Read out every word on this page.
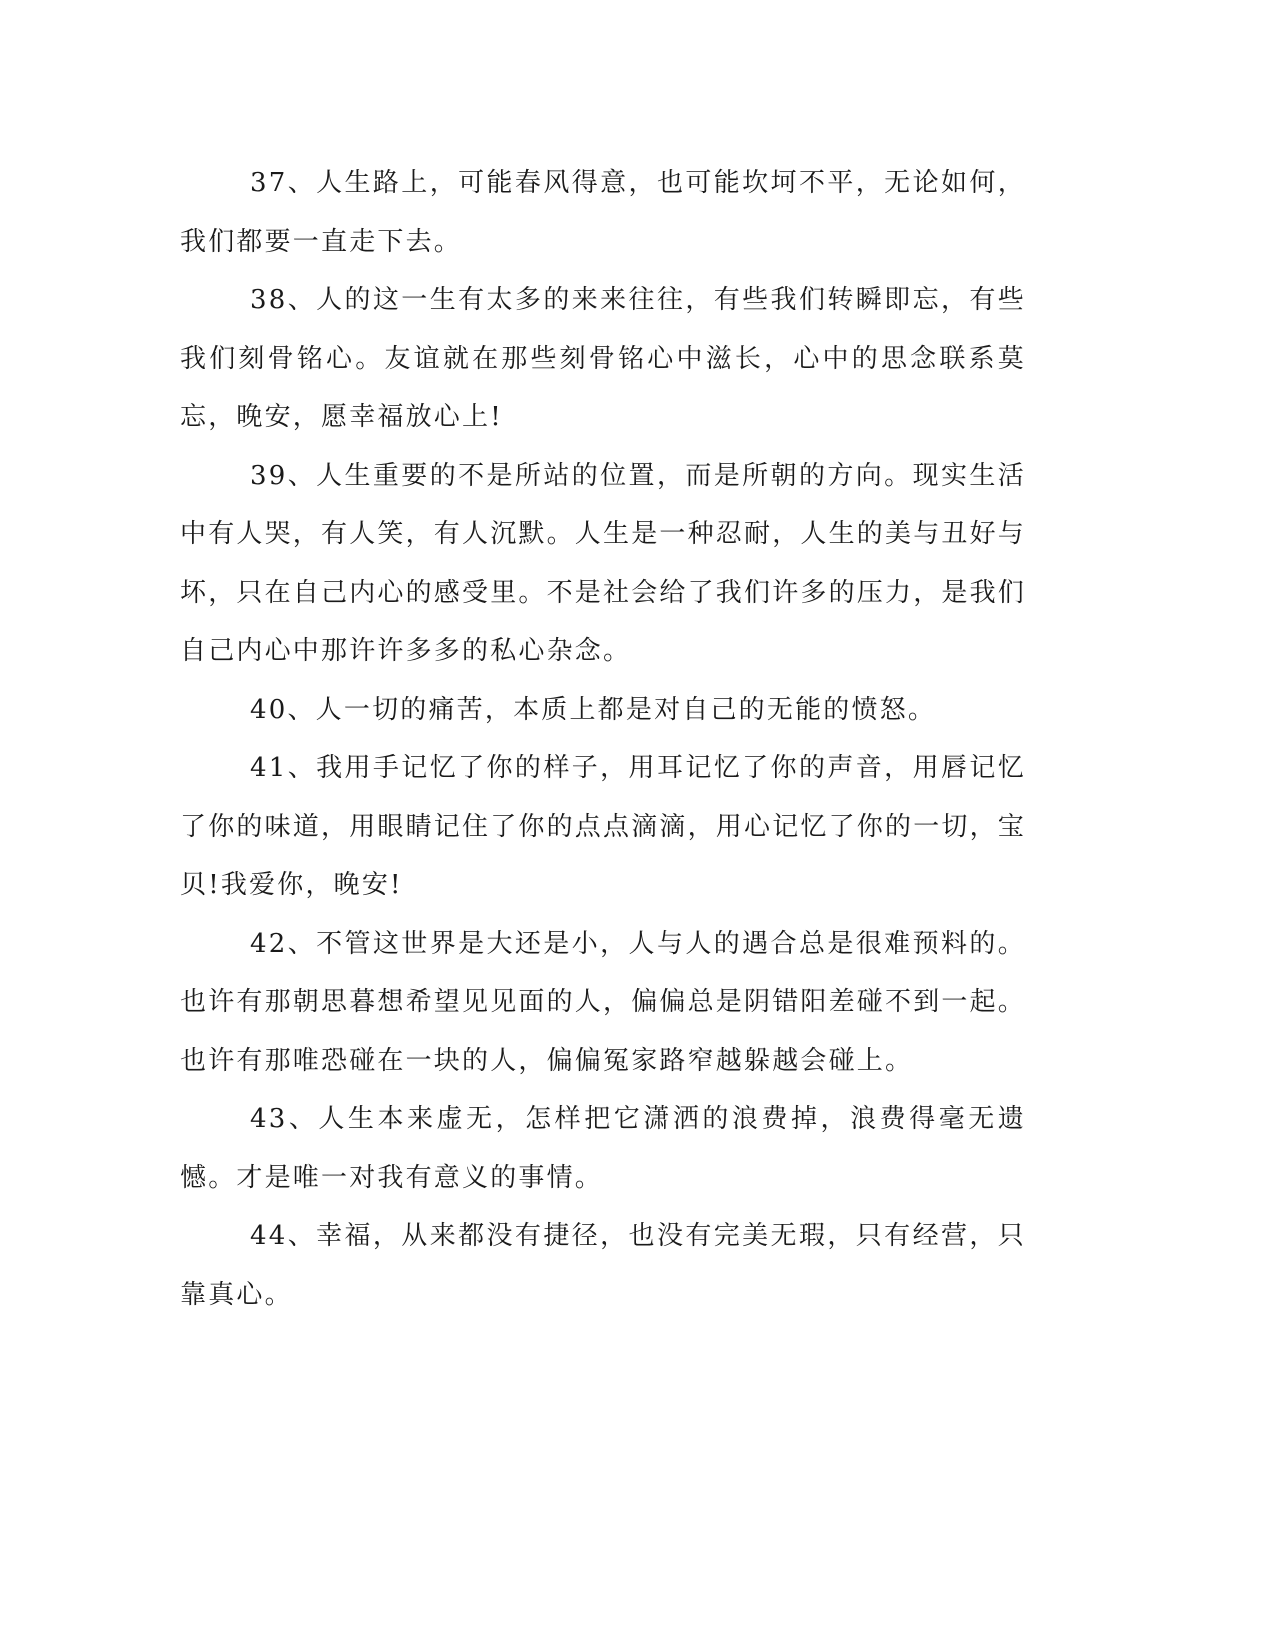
37、人生路上，可能春风得意，也可能坎坷不平，无论如何，我们都要一直走下去。

38、人的这一生有太多的来来往往，有些我们转瞬即忘，有些我们刻骨铭心。友谊就在那些刻骨铭心中滋长，心中的思念联系莫忘，晚安，愿幸福放心上!

39、人生重要的不是所站的位置，而是所朝的方向。现实生活中有人哭，有人笑，有人沉默。人生是一种忍耐，人生的美与丑好与坏，只在自己内心的感受里。不是社会给了我们许多的压力，是我们自己内心中那许许多多的私心杂念。

40、人一切的痛苦，本质上都是对自己的无能的愤怒。

41、我用手记忆了你的样子，用耳记忆了你的声音，用唇记忆了你的味道，用眼睛记住了你的点点滴滴，用心记忆了你的一切，宝贝!我爱你，晚安!

42、不管这世界是大还是小，人与人的遇合总是很难预料的。也许有那朝思暮想希望见见面的人，偏偏总是阴错阳差碰不到一起。也许有那唯恐碰在一块的人，偏偏冤家路窄越躲越会碰上。

43、人生本来虚无，怎样把它潇洒的浪费掉，浪费得毫无遗憾。才是唯一对我有意义的事情。

44、幸福，从来都没有捷径，也没有完美无瑕，只有经营，只靠真心。
